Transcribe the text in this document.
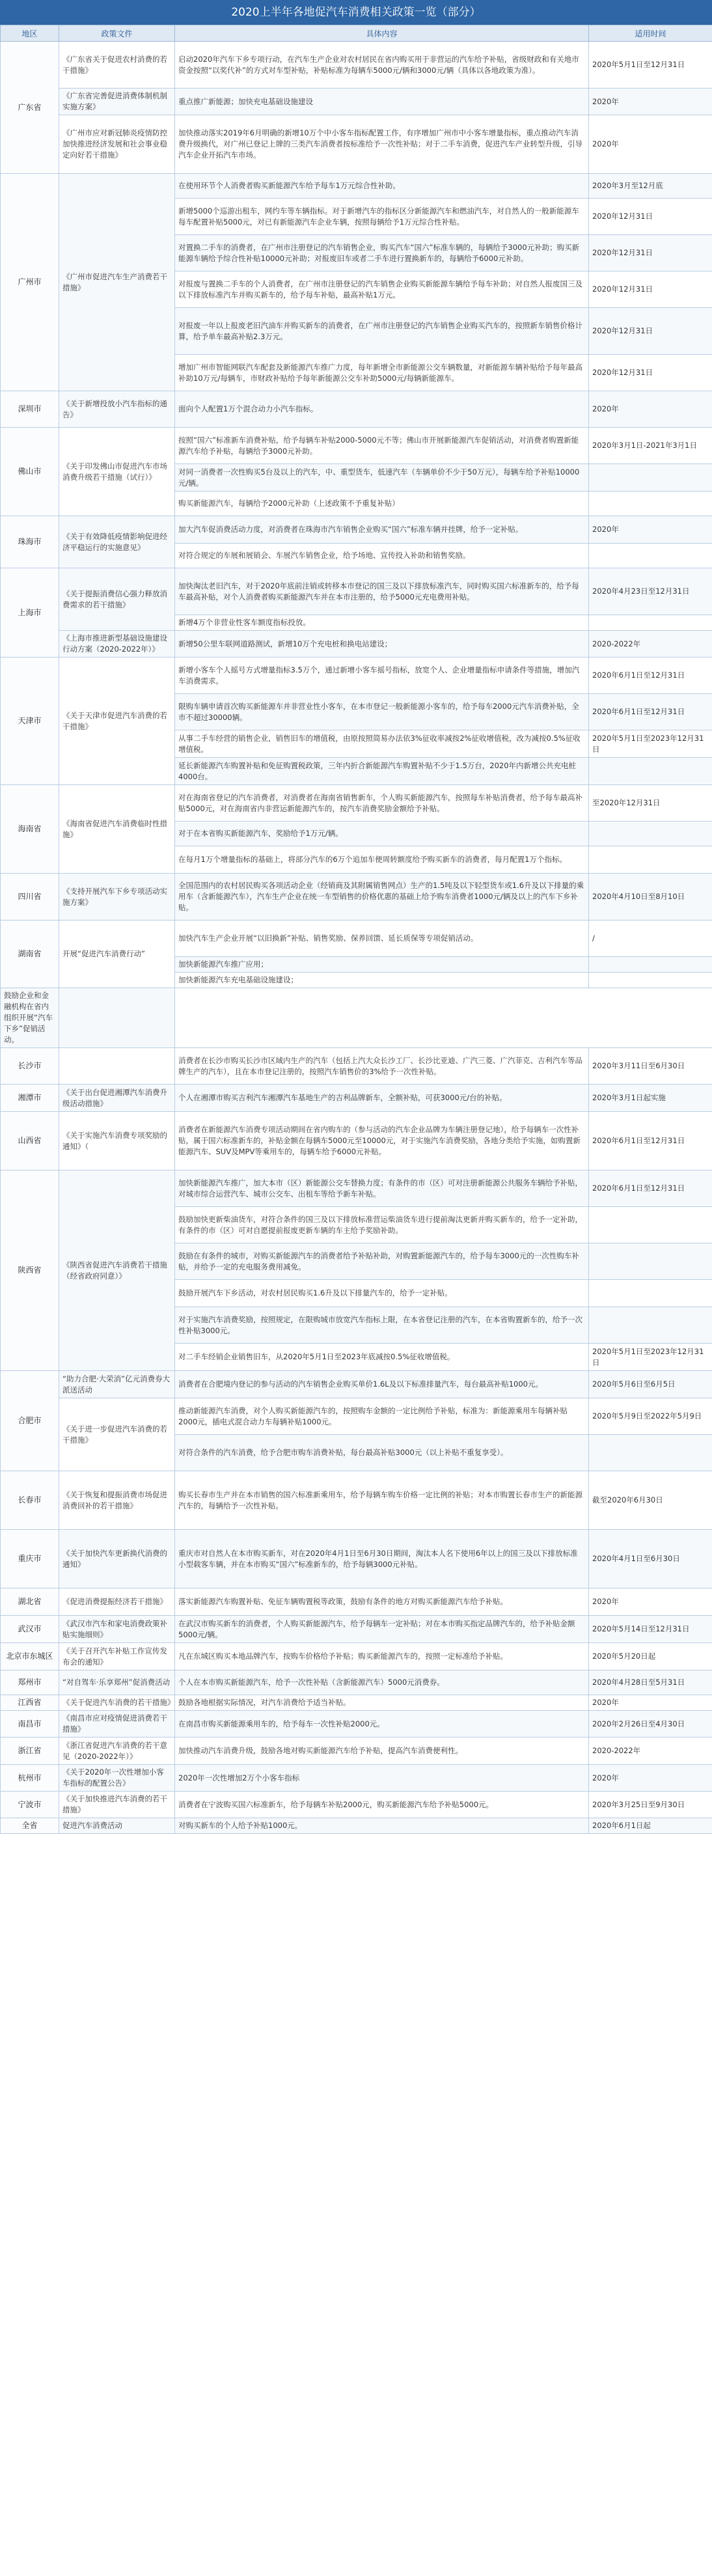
2020上半年各地促汽车消费相关政策一览（部分）
地区	政策文件	具体内容	适用时间
广东省	《广东省关于促进农村消费的若干措施》	启动2020年汽车下乡专项行动，在汽车生产企业对农村居民在省内购买用于非营运的汽车给予补贴，省级财政和有关地市资金按照“以奖代补”的方式对车型补贴，补贴标准为每辆车5000元/辆和3000元/辆（具体以各地政策为准）。	2020年5月1日至12月31日
	《广东省完善促进消费体制机制实施方案》	重点推广新能源；加快充电基础设施建设	2020年
	《广州市应对新冠肺炎疫情防控加快推进经济发展和社会事业稳定向好若干措施》	加快推动落实2019年6月明确的新增10万个中小客车指标配置工作，有序增加广州市中小客车增量指标，重点推动汽车消费升级换代，对广州已登记上牌的三类汽车消费者按标准给予一次性补贴；对于二手车消费，促进汽车产业转型升级，引导汽车企业开拓汽车市场。	2020年
广州市	《广州市促进汽车生产消费若干措施》	在使用环节个人消费者购买新能源汽车给予每车1万元综合性补助。	2020年3月至12月底
		新增5000个巡游出租车，网约车等车辆指标。对于新增汽车的指标区分新能源汽车和燃油汽车，对自然人的一般新能源车每车配置补贴5000元，对已有新能源汽车企业车辆，按照每辆给予1万元综合性补贴。	2020年12月31日
		对置换二手车的消费者，在广州市注册登记的汽车销售企业，购买汽车“国六”标准车辆的，每辆给予3000元补助；购买新能源车辆给予综合性补贴10000元补助；对报废旧车或者二手车进行置换新车的，每辆给予6000元补助。	2020年12月31日
		对报废与置换二手车的个人消费者，在广州市注册登记的汽车销售企业购买新能源车辆给予每车补助；对自然人报废国三及以下排放标准汽车并购买新车的，给予每车补贴，最高补贴1万元。	2020年12月31日
		对报废一年以上报废老旧汽油车并购买新车的消费者，在广州市注册登记的汽车销售企业购买汽车的，按照新车销售价格计算，给予单车最高补贴2.3万元。	2020年12月31日
		增加广州市智能网联汽车配套及新能源汽车推广力度，每年新增全市新能源公交车辆数量，对新能源车辆补贴给予每年最高补助10万元/每辆车，市财政补贴给予每年新能源公交车补助5000元/每辆新能源车。	2020年12月31日
深圳市	《关于新增投放小汽车指标的通告》	面向个人配置1万个混合动力小汽车指标。	2020年
佛山市	《关于印发佛山市促进汽车市场消费升级若干措施（试行）》	按照“国六”标准新车消费补贴，给予每辆车补贴2000-5000元不等；佛山市开展新能源汽车促销活动，对消费者购置新能源汽车给予补贴，每辆给予3000元补助。	2020年3月1日-2021年3月1日
		对同一消费者一次性购买5台及以上的汽车，中、重型货车，低速汽车（车辆单价不少于50万元），每辆车给予补贴10000元/辆。	
		购买新能源汽车，每辆给予2000元补助（上述政策不予重复补贴）	
珠海市	《关于有效降低疫情影响促进经济平稳运行的实施意见》	加大汽车促消费活动力度，对消费者在珠海市汽车销售企业购买“国六”标准车辆并挂牌，给予一定补贴。	2020年
		对符合规定的车展和展销会、车展汽车销售企业，给予场地、宣传投入补助和销售奖励。	
上海市	《关于提振消费信心强力释放消费需求的若干措施》	加快淘汰老旧汽车，对于2020年底前注销或转移本市登记的国三及以下排放标准汽车，同时购买国六标准新车的，给予每车最高补贴，对个人消费者购买新能源汽车并在本市注册的，给予5000元充电费用补贴。	2020年4月23日至12月31日
		新增4万个非营业性客车额度指标投放。	
	《上海市推进新型基础设施建设行动方案（2020-2022年）》	新增50公里车联网道路测试，新增10万个充电桩和换电站建设；	2020-2022年
天津市	《关于天津市促进汽车消费的若干措施》	新增小客车个人摇号方式增量指标3.5万个，通过新增小客车摇号指标，放宽个人、企业增量指标申请条件等措施，增加汽车消费需求。	2020年6月1日至12月31日
		限购车辆申请首次购买新能源车并非营业性小客车，在本市登记一般新能源小客车的，给予每车2000元汽车消费补贴，全市不超过30000辆。	2020年6月1日至12月31日
		从事二手车经营的销售企业，销售旧车的增值税，由原按照简易办法依3%征收率减按2%征收增值税，改为减按0.5%征收增值税。	2020年5月1日至2023年12月31日
		延长新能源汽车购置补贴和免征购置税政策，三年内折合新能源汽车购置补贴不少于1.5万台，2020年内新增公共充电桩4000台。	
海南省	《海南省促进汽车消费临时性措施》	对在海南省登记的汽车消费者，对消费者在海南省销售新车，个人购买新能源汽车，按照每车补贴消费者，给予每车最高补贴5000元，对在海南省内非营运新能源汽车的，按汽车消费奖励金额给予补贴。	至2020年12月31日
		对于在本省购买新能源汽车，奖励给予1万元/辆。	
		在每月1万个增量指标的基础上，将部分汽车的6万个追加车便周转额度给予购买新车的消费者，每月配置1万个指标。	
四川省	《支持开展汽车下乡专项活动实施方案》	全国范围内的农村居民购买各项活动企业（经销商及其附属销售网点）生产的1.5吨及以下轻型货车或1.6升及以下排量的乘用车（含新能源汽车），汽车生产企业在统一车型销售的价格优惠的基础上给予购车消费者1000元/辆及以上的汽车下乡补贴。	2020年4月10日至8月10日
湖南省	开展“促进汽车消费行动”	加快汽车生产企业开展“以旧换新”补贴、销售奖励、保养回馈、延长质保等专项促销活动。	/
		加快新能源汽车推广应用；	
		加快新能源汽车充电基础设施建设；	
鼓励企业和金融机构在省内组织开展“汽车下乡”促销活动。			
长沙市		消费者在长沙市购买长沙市区域内生产的汽车（包括上汽大众长沙工厂、长沙比亚迪、广汽三菱、广汽菲克、吉利汽车等品牌生产的汽车），且在本市登记注册的，按照汽车销售价的3%给予一次性补贴。	2020年3月11日至6月30日
湘潭市	《关于出台促进湘潭汽车消费升级活动措施》	个人在湘潭市购买吉利汽车湘潭汽车基地生产的吉利品牌新车，全额补贴，可获3000元/台的补贴。	2020年3月1日起实施
山西省	《关于实施汽车消费专项奖励的通知》（	消费者在新能源汽车消费专项活动期间在省内购车的（参与活动的汽车企业品牌为车辆注册登记地），给予每辆车一次性补贴，属于国六标准新车的，补贴金额在每辆车5000元至10000元，对于实施汽车消费奖励，各地分类给予实施，如购置新能源汽车、SUV及MPV等乘用车的，每辆车给予6000元补贴。	2020年6月1日至12月31日
陕西省	《陕西省促进汽车消费若干措施（经省政府同意）》	加快新能源汽车推广，加大本市（区）新能源公交车替换力度；有条件的市（区）可对注册新能源公共服务车辆给予补贴，对城市综合运营汽车、城市公交车、出租车等给予新车补贴。	2020年6月1日至12月31日
		鼓励加快更新柴油货车，对符合条件的国三及以下排放标准营运柴油货车进行提前淘汰更新并购买新车的，给予一定补助，有条件的市（区）可对自愿提前报废更新车辆的车主给予奖励补助。	
		鼓励在有条件的城市，对购买新能源汽车的消费者给予补贴补助，对购置新能源汽车的，给予每车3000元的一次性购车补贴，并给予一定的充电服务费用减免。	
		鼓励开展汽车下乡活动，对农村居民购买1.6升及以下排量汽车的，给予一定补贴。	
		对于实施汽车消费奖励，按照规定，在限购城市放宽汽车指标上限，在本省登记注册的汽车，在本省购置新车的，给予一次性补贴3000元。	
		对二手车经销企业销售旧车，从2020年5月1日至2023年底减按0.5%征收增值税。	2020年5月1日至2023年12月31日
合肥市	“助力合肥·大荣消”亿元消费券大派送活动	消费者在合肥境内登记的参与活动的汽车销售企业购买单价1.6L及以下标准排量汽车，每台最高补贴1000元。	2020年5月6日至6月5日
	《关于进一步促进汽车消费的若干措施》	推动新能源汽车消费，对个人购买新能源汽车的，按照购车金额的一定比例给予补贴，标准为：新能源乘用车每辆补贴2000元，插电式混合动力车每辆补贴1000元。	2020年5月9日至2022年5月9日
		对符合条件的汽车消费，给予合肥市购车消费补贴，每台最高补贴3000元（以上补贴不重复享受）。	
长春市	《关于恢复和提振消费市场促进消费回补的若干措施》	购买长春市生产并在本市销售的国六标准新乘用车，给予每辆车购车价格一定比例的补贴；对本市购置长春市生产的新能源汽车的，每辆给予一次性补贴。	截至2020年6月30日
重庆市	《关于加快汽车更新换代消费的通知》	重庆市对自然人在本市购买新车，对在2020年4月1日至6月30日期间，淘汰本人名下使用6年以上的国三及以下排放标准小型载客车辆，并在本市购买“国六”标准新车的，给予每辆3000元补贴。	2020年4月1日至6月30日
湖北省	《促进消费提振经济若干措施》	落实新能源汽车购置补贴、免征车辆购置税等政策，鼓励有条件的地方对购买新能源汽车给予补贴。	2020年
武汉市	《武汉市汽车和家电消费政策补贴实施细则》	在武汉市购买新车的消费者，个人购买新能源汽车，给予每辆车一定补贴；对在本市购买指定品牌汽车的，给予补贴金额5000元/辆。	2020年5月14日至12月31日
北京市东城区	《关于召开汽车补贴工作宣传发布会的通知》	凡在东城区购买本地品牌汽车，按购车价格给予补贴；购买新能源汽车的，按照一定标准给予补贴。	2020年5月20日起
郑州市	“对自驾车·乐享郑州”促消费活动	个人在本市购买新能源汽车，给予一次性补贴（含新能源汽车）5000元消费券。	2020年4月28日至5月31日
江西省	《关于促进汽车消费的若干措施》	鼓励各地根据实际情况，对汽车消费给予适当补贴。	2020年
南昌市	《南昌市应对疫情促进消费若干措施》	在南昌市购买新能源乘用车的，给予每车一次性补贴2000元。	2020年2月26日至4月30日
浙江省	《浙江省促进汽车消费的若干意见（2020-2022年）》	加快推动汽车消费升级，鼓励各地对购买新能源汽车给予补贴，提高汽车消费便利性。	2020-2022年
杭州市	《关于2020年一次性增加小客车指标的配置公告》	2020年一次性增加2万个小客车指标	2020年
宁波市	《关于加快推进汽车消费的若干措施》	消费者在宁波购买国六标准新车，给予每辆车补贴2000元，购买新能源汽车给予补贴5000元。	2020年3月25日至9月30日
全省	促进汽车消费活动	对购买新车的个人给予补贴1000元。	2020年6月1日起
